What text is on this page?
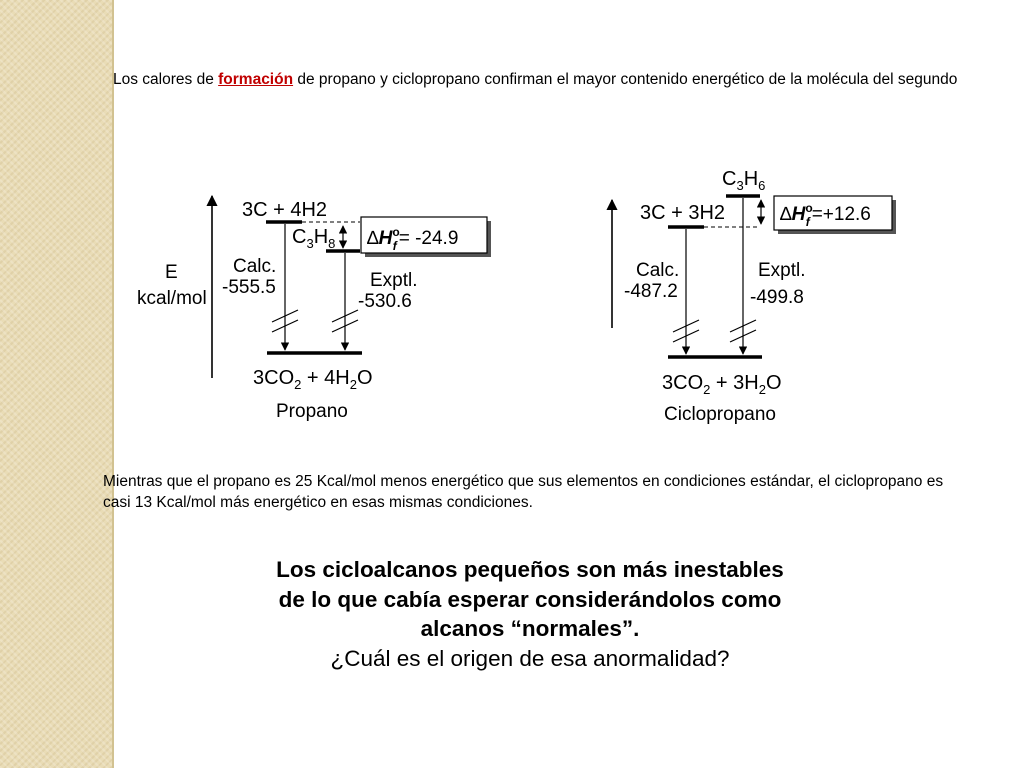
Los calores de formación de propano y ciclopropano confirman el mayor contenido energético de la molécula del segundo
E
kcal/mol
3C + 4H2
$C_3H_8$ $\Delta H^o$ f = -24.9
Calc.
-555.5	Exptl.
-530.6
$3CO_2 + 4H_2O$
Propano
$C_3H_6$
3C + 3H2	$\Delta H^o$ f =+12.6
Calc.
-487.2
Exptl.
-499.8
$3CO_2 + 3H_2O$
Ciclopropano
Mientras que el propano es 25 Kcal/mol menos energético que sus elementos en condiciones estándar, el ciclopropano es casi 13 Kcal/mol más energético en esas mismas condiciones.
Los cicloalcanos pequeños son más inestables
de lo que cabía esperar considerándolos como
alcanos “normales”.
¿Cuál es el origen de esa anormalidad?
